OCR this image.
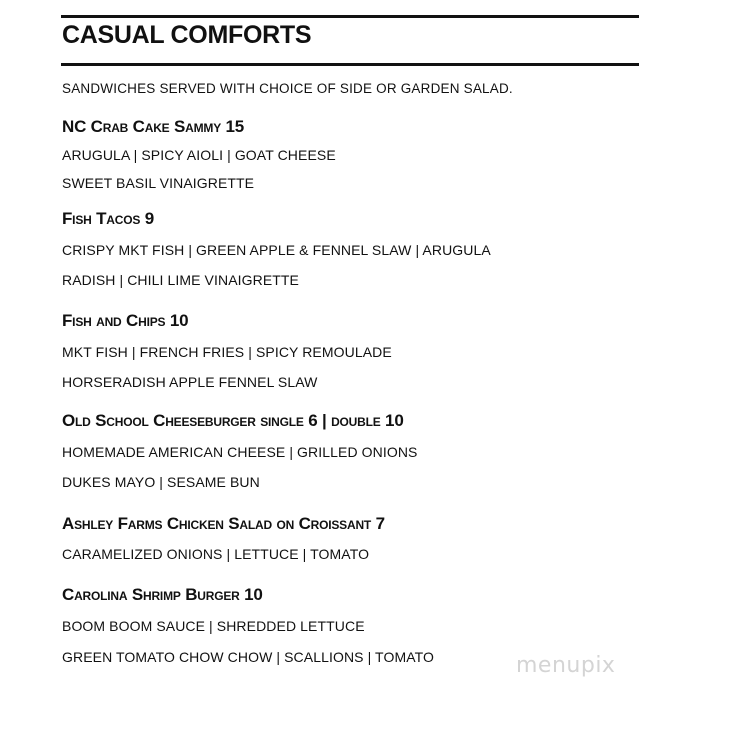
CASUAL COMFORTS
SANDWICHES SERVED WITH CHOICE OF SIDE OR GARDEN SALAD.
NC Crab Cake Sammy 15
ARUGULA | SPICY AIOLI | GOAT CHEESE
SWEET BASIL VINAIGRETTE
Fish Tacos 9
CRISPY MKT FISH | GREEN APPLE & FENNEL SLAW | ARUGULA
RADISH | CHILI LIME VINAIGRETTE
Fish and Chips 10
MKT FISH | FRENCH FRIES | SPICY REMOULADE
HORSERADISH APPLE FENNEL SLAW
Old School Cheeseburger single 6 | double 10
HOMEMADE AMERICAN CHEESE | GRILLED ONIONS
DUKES MAYO | SESAME BUN
Ashley Farms Chicken Salad on Croissant 7
CARAMELIZED ONIONS | LETTUCE | TOMATO
Carolina Shrimp Burger 10
BOOM BOOM SAUCE | SHREDDED LETTUCE
GREEN TOMATO CHOW CHOW | SCALLIONS | TOMATO	menupix
